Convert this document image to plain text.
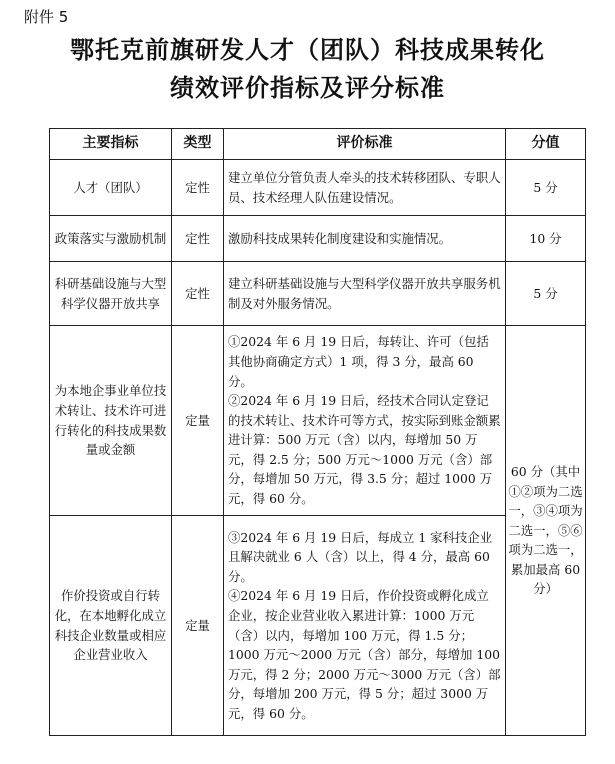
附件 5
鄂托克前旗研发人才（团队）科技成果转化
绩效评价指标及评分标准
主要指标	类型	评价标准	分值
人才（团队）	定性	建立单位分管负责人牵头的技术转移团队、专职人员、技术经理人队伍建设情况。	5 分
政策落实与激励机制	定性	激励科技成果转化制度建设和实施情况。	10 分
科研基础设施与大型科学仪器开放共享	定性	建立科研基础设施与大型科学仪器开放共享服务机制及对外服务情况。	5 分
为本地企事业单位技术转让、技术许可进行转化的科技成果数量或金额	定量	①2024 年 6 月 19 日后，每转让、许可（包括其他协商确定方式）1 项，得 3 分，最高 60 分。

②2024 年 6 月 19 日后，经技术合同认定登记的技术转让、技术许可等方式，按实际到账金额累进计算：500 万元（含）以内，每增加 50 万元，得 2.5 分；500 万元～1000 万元（含）部分，每增加 50 万元，得 3.5 分；超过 1000 万元，得 60 分。	60 分（其中①②项为二选一，③④项为二选一，⑤⑥项为二选一，累加最高 60 分）
作价投资或自行转化，在本地孵化成立科技企业数量或相应企业营业收入	定量	③2024 年 6 月 19 日后，每成立 1 家科技企业且解决就业 6 人（含）以上，得 4 分，最高 60 分。

④2024 年 6 月 19 日后，作价投资或孵化成立企业，按企业营业收入累进计算：1000 万元（含）以内，每增加 100 万元，得 1.5 分；1000 万元～2000 万元（含）部分，每增加 100 万元，得 2 分；2000 万元～3000 万元（含）部分，每增加 200 万元，得 5 分；超过 3000 万元，得 60 分。	
